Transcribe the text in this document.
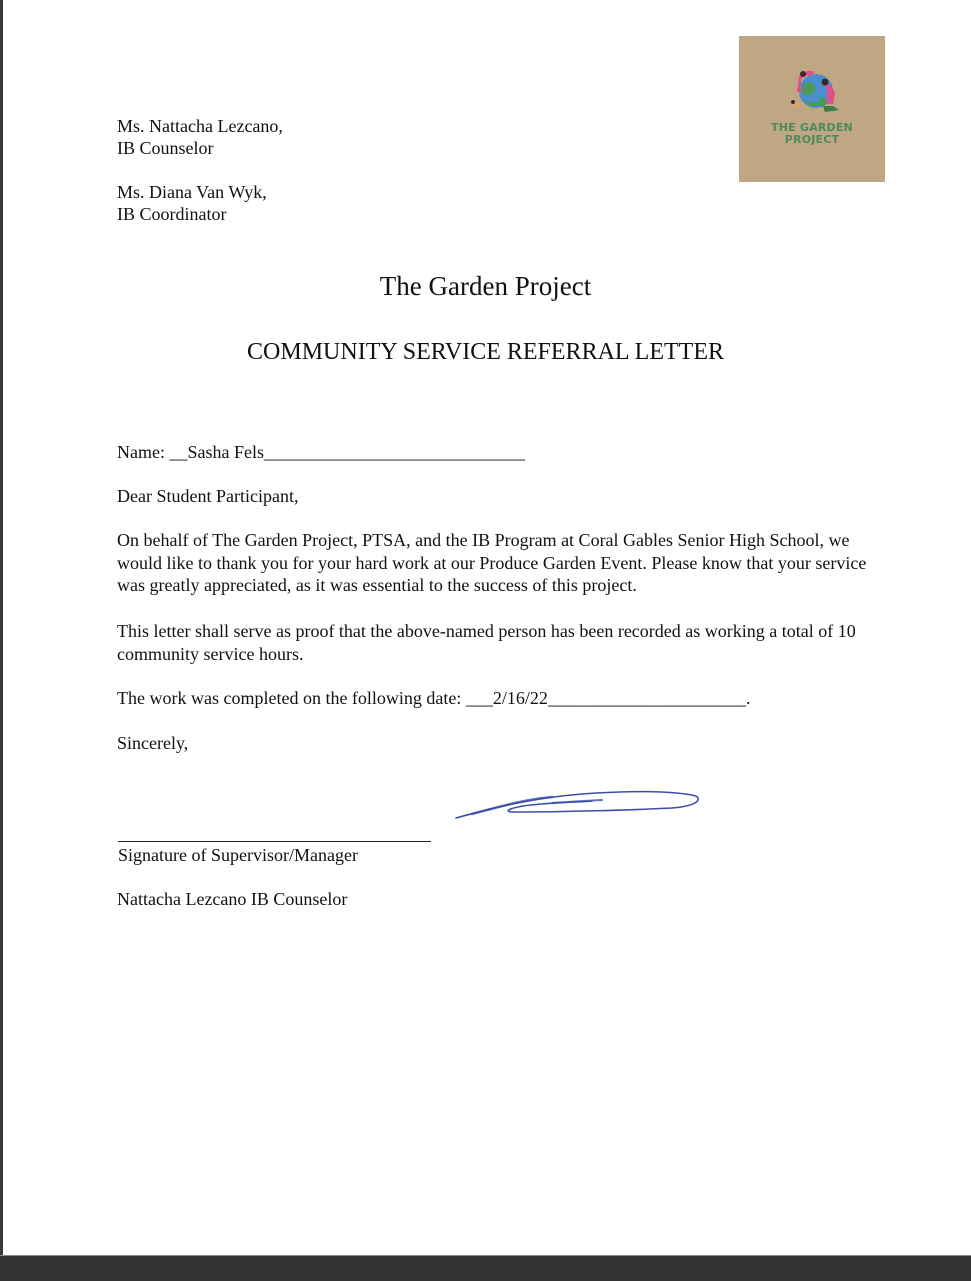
THE GARDEN
PROJECT
Ms. Nattacha Lezcano,
IB Counselor
Ms. Diana Van Wyk,
IB Coordinator
The Garden Project
COMMUNITY SERVICE REFERRAL LETTER
Name: __Sasha Fels_____________________________
Dear Student Participant,
On behalf of The Garden Project, PTSA, and the IB Program at Coral Gables Senior High School, we would like to thank you for your hard work at our Produce Garden Event. Please know that your service was greatly appreciated, as it was essential to the success of this project.
This letter shall serve as proof that the above-named person has been recorded as working a total of 10 community service hours.
The work was completed on the following date: ___2/16/22______________________.
Sincerely,
Signature of Supervisor/Manager
Nattacha Lezcano IB Counselor
